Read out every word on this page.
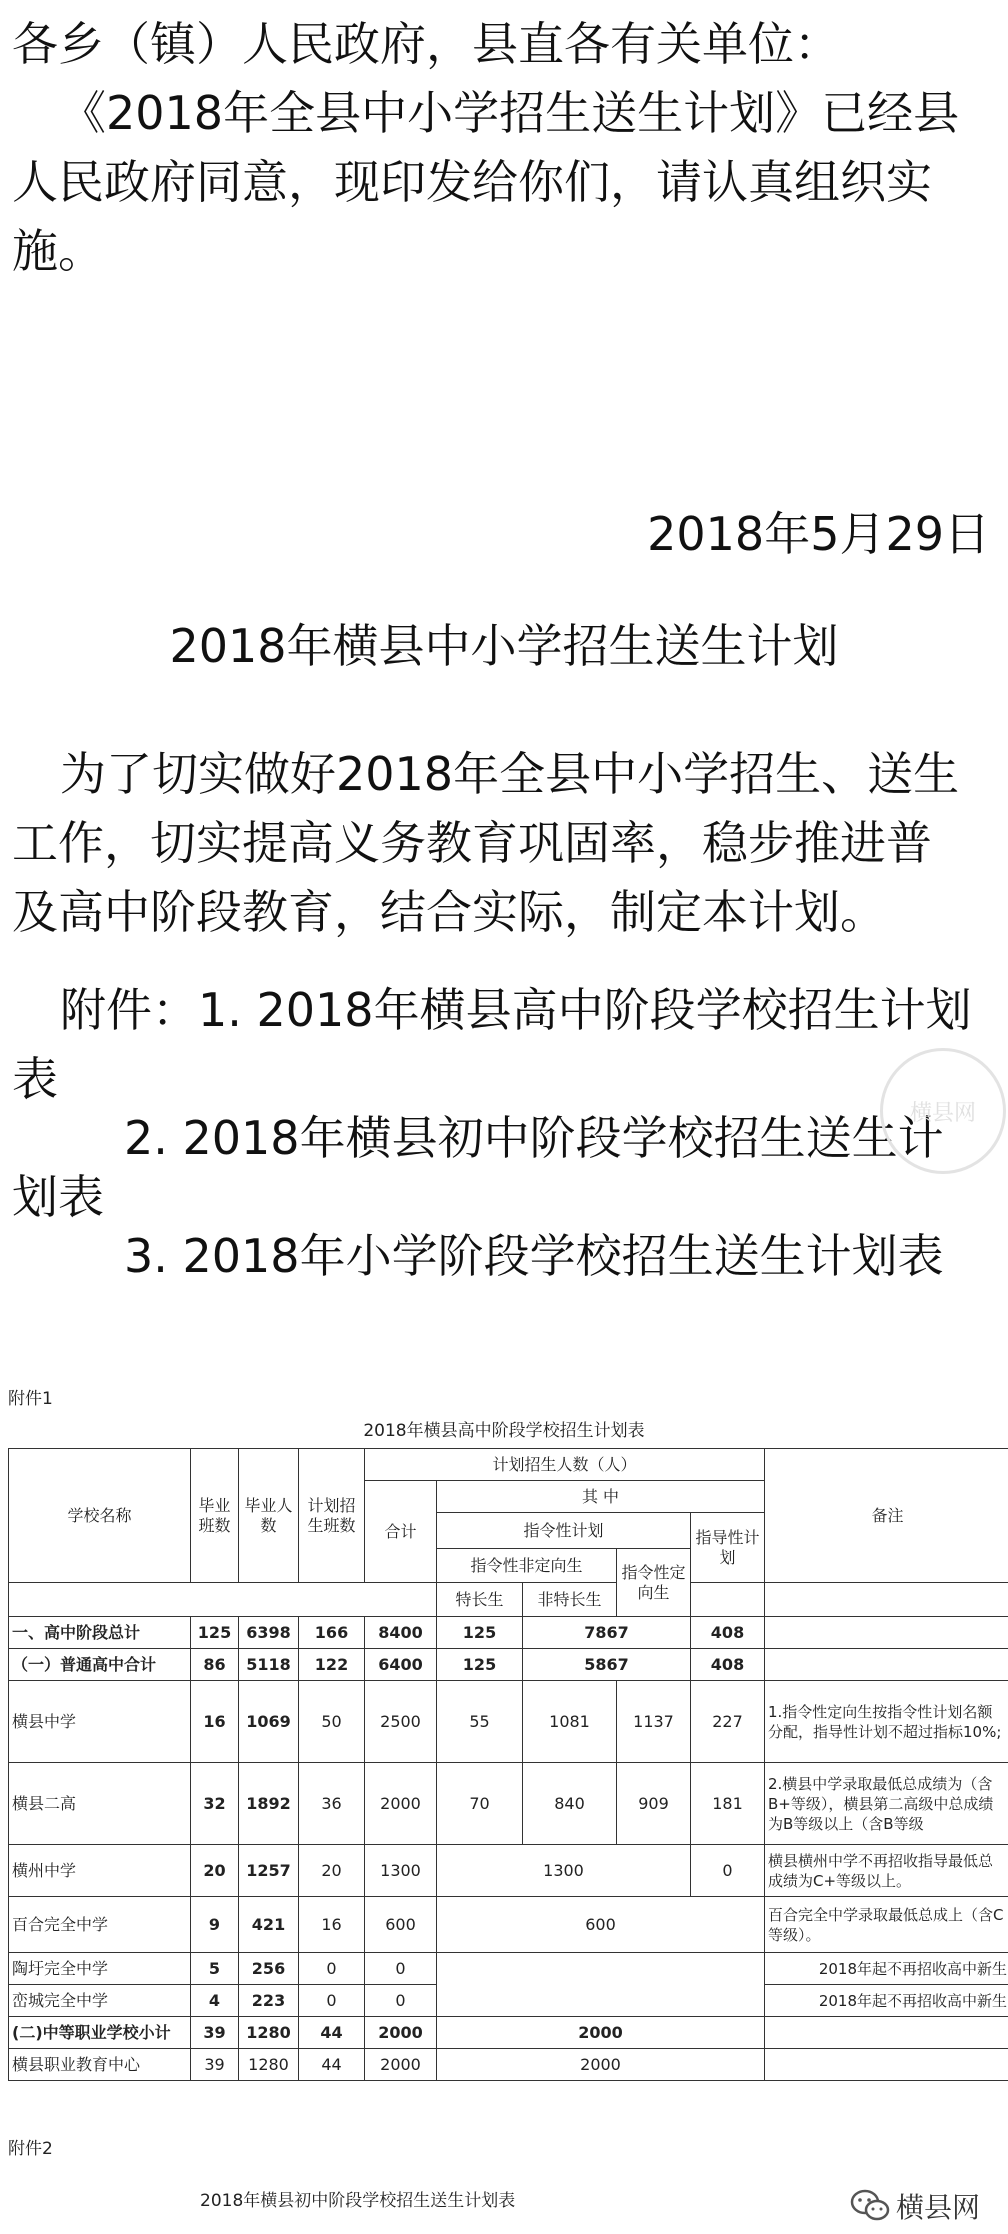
各乡（镇）人民政府，县直各有关单位：

《2018年全县中小学招生送生计划》已经县

人民政府同意，现印发给你们，请认真组织实

施。

2018年5月29日

2018年横县中小学招生送生计划

为了切实做好2018年全县中小学招生、送生

工作，切实提高义务教育巩固率，稳步推进普

及高中阶段教育，结合实际，制定本计划。

附件：1. 2018年横县高中阶段学校招生计划

表

2. 2018年横县初中阶段学校招生送生计

划表

3. 2018年小学阶段学校招生送生计划表

横县网
附件1
2018年横县高中阶段学校招生计划表
学校名称	毕业班数	毕业人数	计划招生班数	计划招生人数（人）					备注
				合计	其 中				
					指令性计划			指导性计划	
					指令性非定向生		指令性定向生		
					特长生	非特长生			
一、高中阶段总计	125	6398	166	8400	125	7867		408	
（一）普通高中合计	86	5118	122	6400	125	5867		408	
横县中学	16	1069	50	2500	55	1081	1137	227	1.指令性定向生按指令性计划名额分配，指导性计划不超过指标10%;
横县二高	32	1892	36	2000	70	840	909	181	2.横县中学录取最低总成绩为（含B+等级），横县第二高级中总成绩为B等级以上（含B等级
横州中学	20	1257	20	1300	1300			0	横县横州中学不再招收指导最低总成绩为C+等级以上。
百合完全中学	9	421	16	600	600				百合完全中学录取最低总成上（含C等级）。
陶圩完全中学	5	256	0	0					2018年起不再招收高中新生
峦城完全中学	4	223	0	0					2018年起不再招收高中新生
(二)中等职业学校小计	39	1280	44	2000	2000				
横县职业教育中心	39	1280	44	2000	2000				
附件2
2018年横县初中阶段学校招生送生计划表	横县网
